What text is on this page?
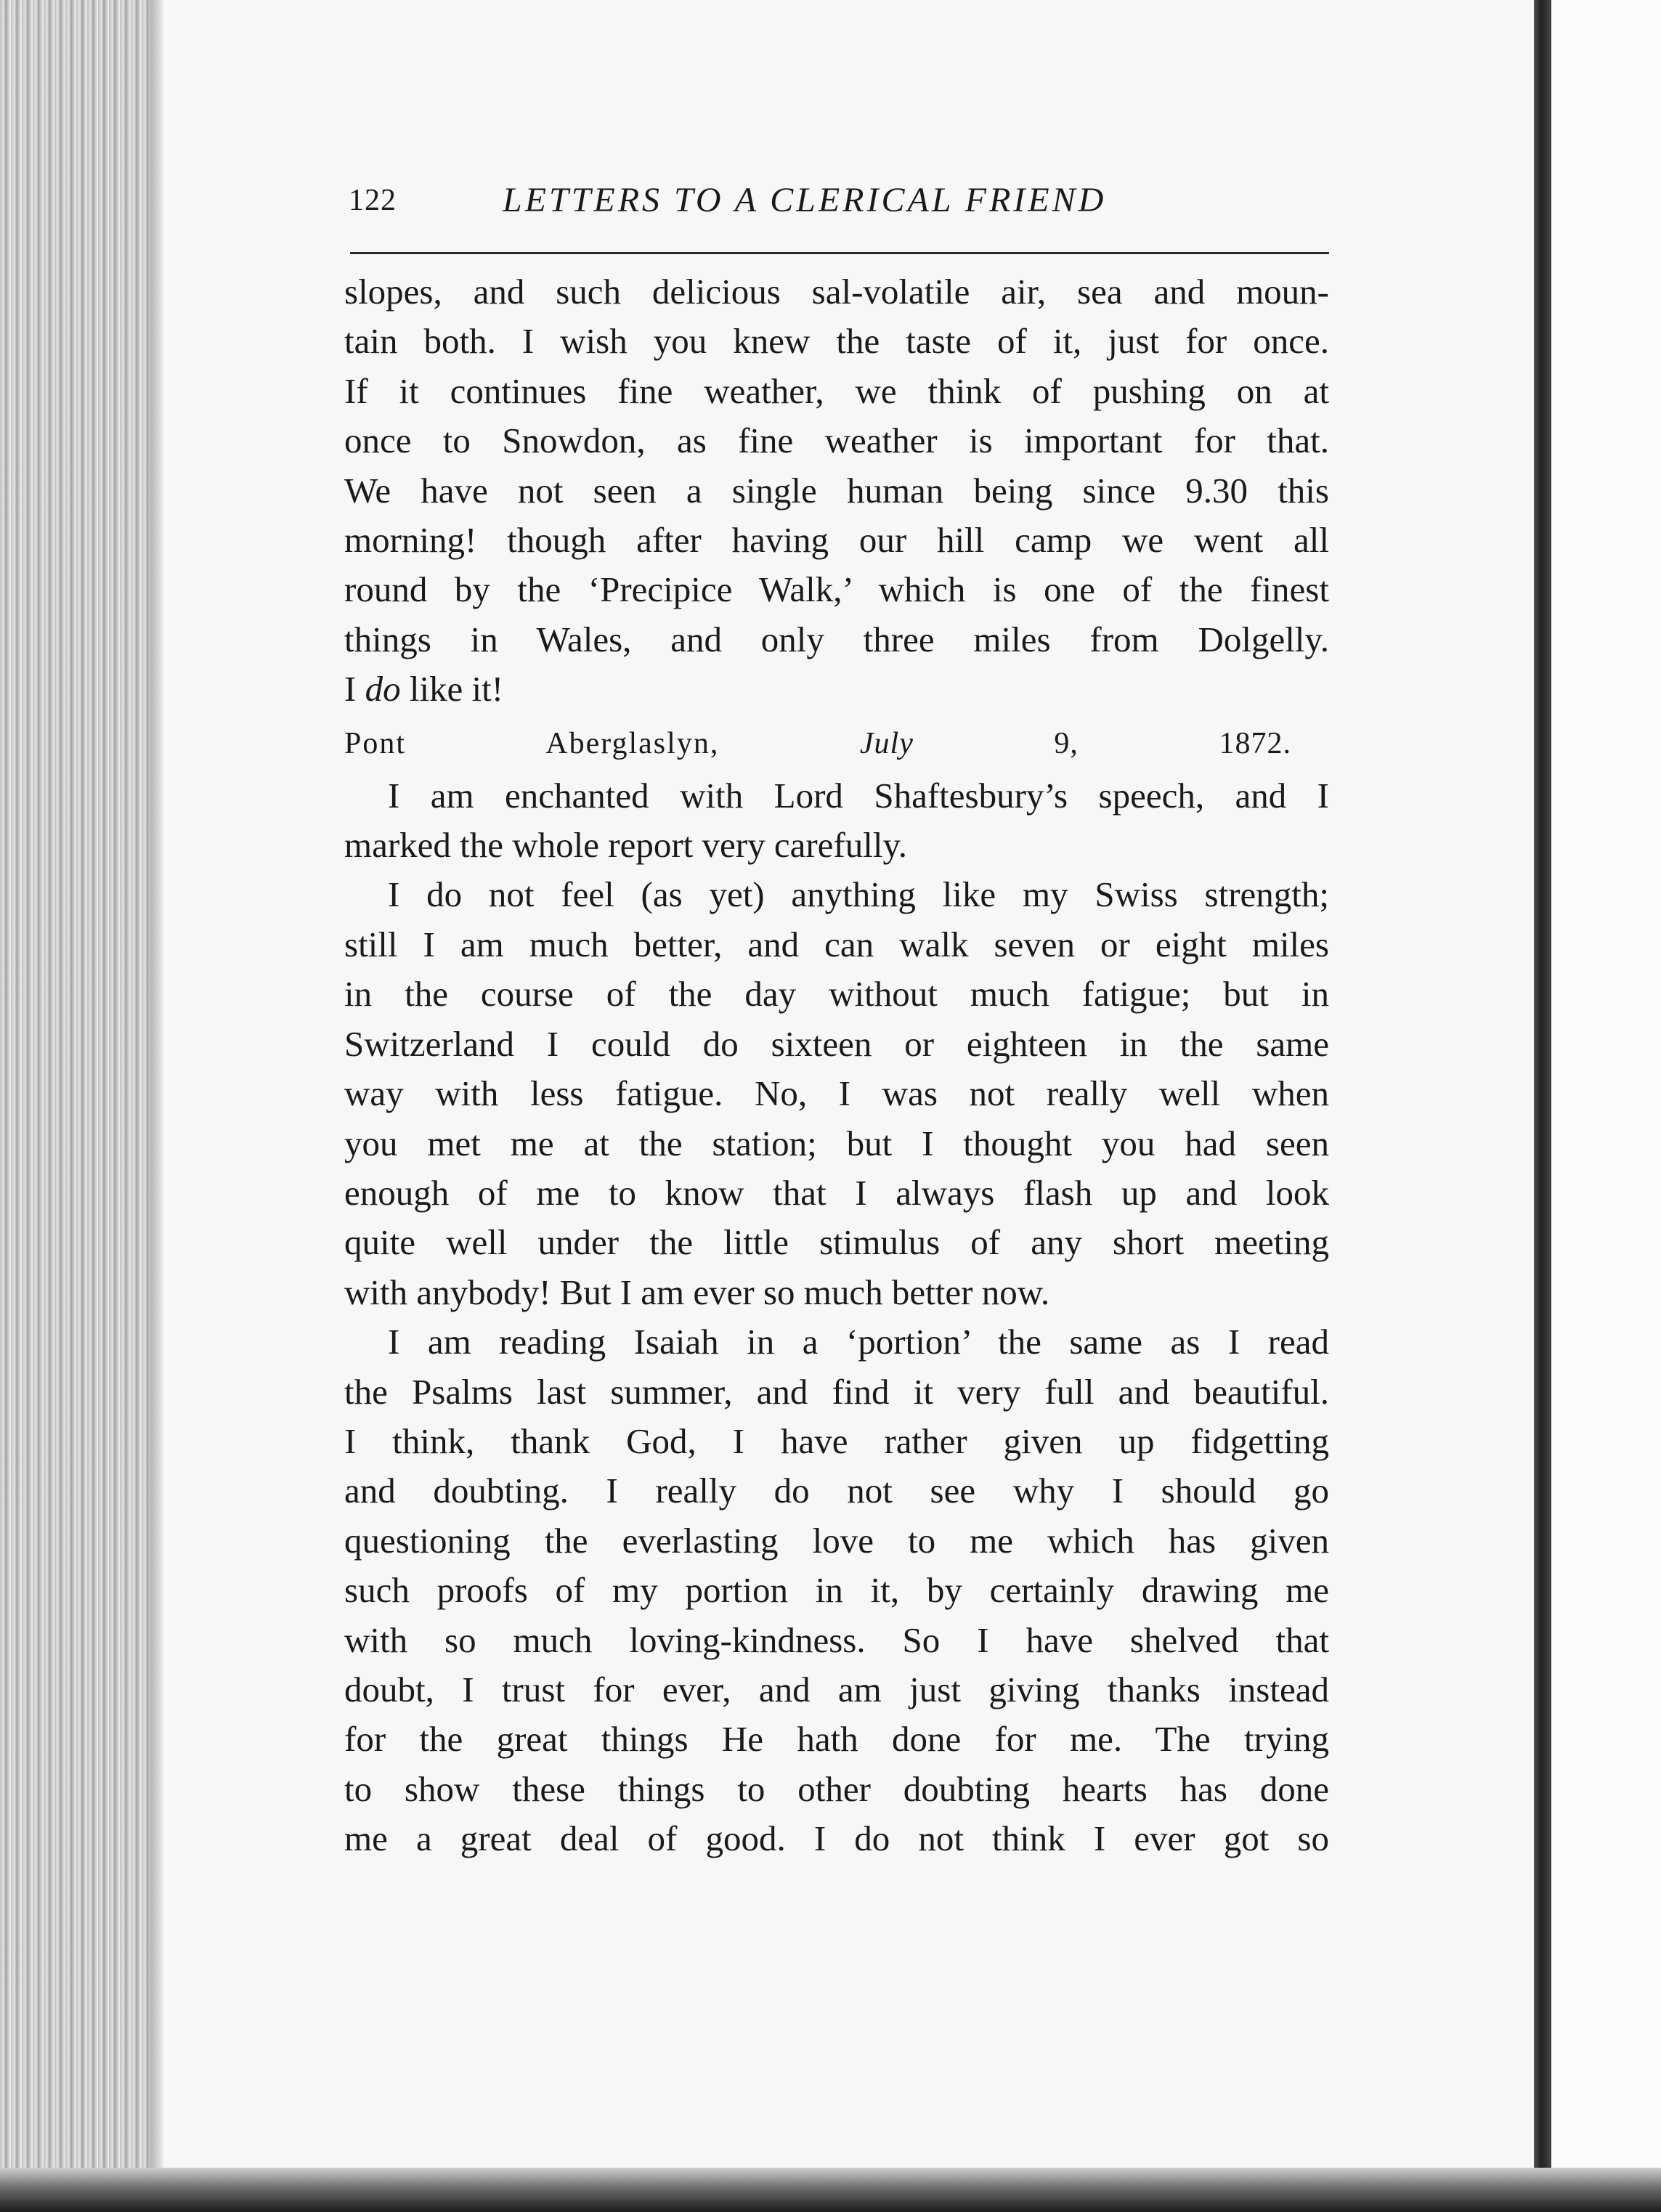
122	LETTERS TO A CLERICAL FRIEND
slopes, and such delicious sal-volatile air, sea and moun-
tain both. I wish you knew the taste of it, just for once.
If it continues fine weather, we think of pushing on at
once to Snowdon, as fine weather is important for that.
We have not seen a single human being since 9.30 this
morning! though after having our hill camp we went all
round by the ‘Precipice Walk,’ which is one of the finest
things in Wales, and only three miles from Dolgelly.
I do like it!
Pont Aberglaslyn,	July 9, 1872.
I am enchanted with Lord Shaftesbury’s speech, and I
marked the whole report very carefully.
I do not feel (as yet) anything like my Swiss strength;
still I am much better, and can walk seven or eight miles
in the course of the day without much fatigue; but in
Switzerland I could do sixteen or eighteen in the same
way with less fatigue. No, I was not really well when
you met me at the station; but I thought you had seen
enough of me to know that I always flash up and look
quite well under the little stimulus of any short meeting
with anybody! But I am ever so much better now.
I am reading Isaiah in a ‘portion’ the same as I read
the Psalms last summer, and find it very full and beautiful.
I think, thank God, I have rather given up fidgetting
and doubting. I really do not see why I should go
questioning the everlasting love to me which has given
such proofs of my portion in it, by certainly drawing me
with so much loving-kindness. So I have shelved that
doubt, I trust for ever, and am just giving thanks instead
for the great things He hath done for me. The trying
to show these things to other doubting hearts has done
me a great deal of good. I do not think I ever got so
